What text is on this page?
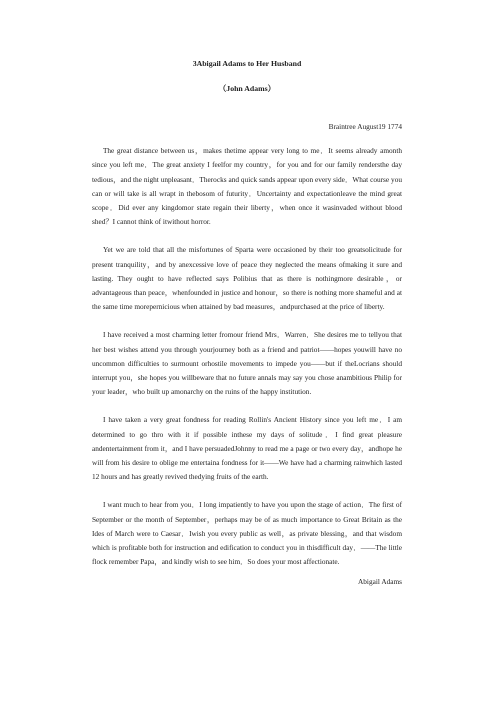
3Abigail Adams to Her Husband
（John Adams）
Braintree August19 1774

The great distance between us，makes thetime appear very long to me．It seems already amonth since you left me．The great anxiety I feelfor my country，for you and for our family rendersthe day tedious，and the night unpleasant．Therocks and quick sands appear upon every side．What course you can or will take is all wrapt in thebosom of futurity．Uncertainty and expectationleave the mind great scope．Did ever any kingdomor state regain their liberty，when once it wasinvaded without blood shed？I cannot think of itwithout horror.

Yet we are told that all the misfortunes of Sparta were occasioned by their too greatsolicitude for present tranquility，and by anexcessive love of peace they neglected the means ofmaking it sure and lasting. They ought to have reflected says Polibius that as there is nothingmore desirable，or advantageous than peace，whenfounded in justice and honour，so there is nothing more shameful and at the same time morepernicious when attained by bad measures，andpurchased at the price of liberty.

I have received a most charming letter fromour friend Mrs．Warren．She desires me to tellyou that her best wishes attend you through yourjourney both as a friend and patriot——hopes youwill have no uncommon difficulties to surmount orhostile movements to impede you——but if theLocrians should interrupt you，she hopes you willbeware that no future annals may say you chose anambitious Philip for your leader，who built up amonarchy on the ruins of the happy institution.

I have taken a very great fondness for reading Rollin's Ancient History since you left me．I am determined to go thro with it if possible inthese my days of solitude．I find great pleasure andentertainment from it，and I have persuadedJohnny to read me a page or two every day，andhope he will from his desire to oblige me entertaina fondness for it——We have had a charming rainwhich lasted 12 hours and has greatly revived thedying fruits of the earth.

I want much to hear from you．I long impatiently to have you upon the stage of action．The first of September or the month of September，perhaps may be of as much importance to Great Britain as the Ides of March were to Caesar．Iwish you every public as well，as private blessing，and that wisdom which is profitable both for instruction and edification to conduct you in thisdifficult day．——The little flock remember Papa，and kindly wish to see him．So does your most affectionate.

Abigail Adams
